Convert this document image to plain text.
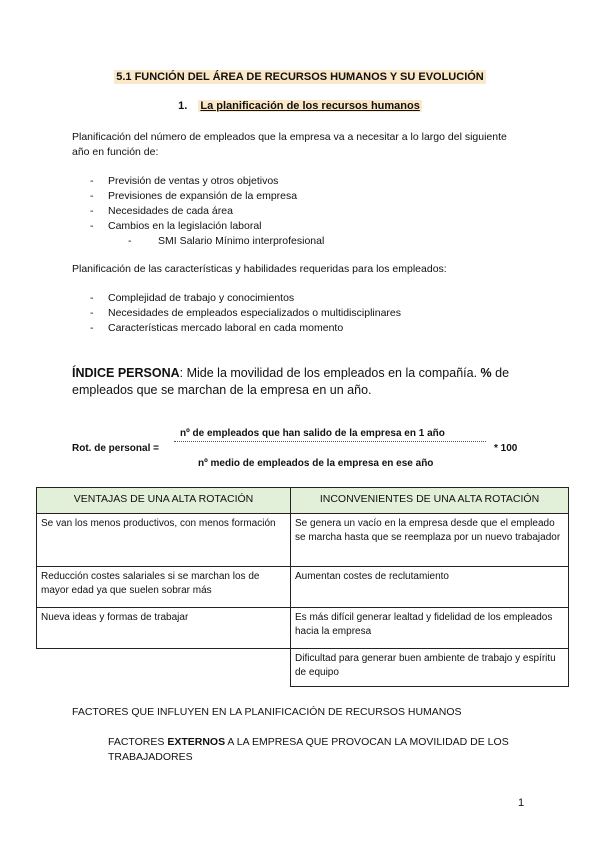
5.1 FUNCIÓN DEL ÁREA DE RECURSOS HUMANOS Y SU EVOLUCIÓN
1. La planificación de los recursos humanos
Planificación del número de empleados que la empresa va a necesitar a lo largo del siguiente año en función de:
- Previsión de ventas y otros objetivos
- Previsiones de expansión de la empresa
- Necesidades de cada área
- Cambios en la legislación laboral
- SMI Salario Mínimo interprofesional
Planificación de las características y habilidades requeridas para los empleados:
- Complejidad de trabajo y conocimientos
- Necesidades de empleados especializados o multidisciplinares
- Características mercado laboral en cada momento
ÍNDICE PERSONA: Mide la movilidad de los empleados en la compañía. % de empleados que se marchan de la empresa en un año.
nº de empleados que han salido de la empresa en 1 año
Rot. de personal =	* 100
nº medio de empleados de la empresa en ese año
VENTAJAS DE UNA ALTA ROTACIÓN	INCONVENIENTES DE UNA ALTA ROTACIÓN
Se van los menos productivos, con menos formación	Se genera un vacío en la empresa desde que el empleado se marcha hasta que se reemplaza por un nuevo trabajador
Reducción costes salariales si se marchan los de mayor edad ya que suelen sobrar más	Aumentan costes de reclutamiento
Nueva ideas y formas de trabajar	Es más difícil generar lealtad y fidelidad de los empleados hacia la empresa
	Dificultad para generar buen ambiente de trabajo y espíritu de equipo
FACTORES QUE INFLUYEN EN LA PLANIFICACIÓN DE RECURSOS HUMANOS
FACTORES EXTERNOS A LA EMPRESA QUE PROVOCAN LA MOVILIDAD DE LOS TRABAJADORES
1
